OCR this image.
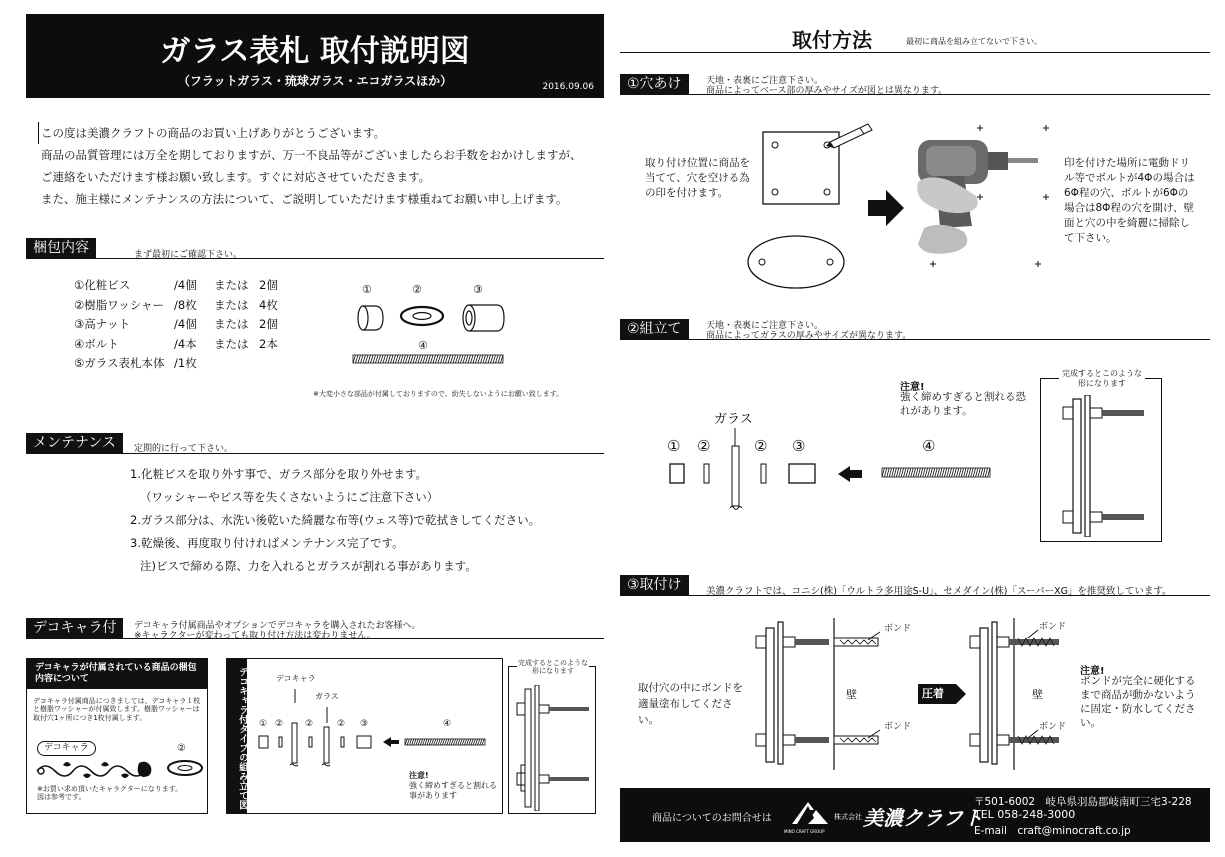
ガラス表札 取付説明図
（フラットガラス・琉球ガラス・エコガラスほか）	2016.09.06
この度は美濃クラフトの商品のお買い上げありがとうございます。
商品の品質管理には万全を期しておりますが、万一不良品等がございましたらお手数をおかけしますが、
ご連絡をいただけます様お願い致します。すぐに対応させていただきます。
また、施主様にメンテナンスの方法について、ご説明していただけます様重ねてお願い申し上げます。
梱包内容	まず最初にご確認下さい。
①化粧ビス	/4個 または 2個
②樹脂ワッシャー /8枚 または 4枚
③高ナット	/4個 または 2個
④ボルト	/4本 または 2本
⑤ガラス表札本体 /1枚
①	②	③
④
※大変小さな部品が付属しておりますので、紛失しないようにお願い致します。
メンテナンス	定期的に行って下さい。
1.化粧ビスを取り外す事で、ガラス部分を取り外せます。
（ワッシャーやビス等を失くさないようにご注意下さい）
2.ガラス部分は、水洗い後乾いた綺麗な布等(ウェス等)で乾拭きしてください。
3.乾燥後、再度取り付ければメンテナンス完了です。
注)ビスで締める際、力を入れるとガラスが割れる事があります。
デコキャラ付	デコキャラ付属商品やオプションでデコキャラを購入されたお客様へ。
※キャラクターが変わっても取り付け方法は変わりません。
デコキャラが付属されている商品の梱包内容について
デコキャラ付属商品につきましては、デコキャラ１枚と樹脂ワッシャーが付属致します。樹脂ワッシャーは取付穴1ヶ所につき1枚付属します。
デコキャラ	②
※お買い求め頂いたキャラクターになります。図は参考です。	デコキャラ付タイプの組み立て図	デコキャラ
ガラス
① ② ②	② ③	④
注意!
強く締めすぎると割れる事があります
完成するとこのような形になります
取付方法	最初に商品を組み立てないで下さい。
①穴あけ	天地・表裏にご注意下さい。
商品によってベース部の厚みやサイズが図とは異なります。
取り付け位置に商品を当てて、穴を空ける為の印を付けます。
印を付けた場所に電動ドリル等でボルトが4Φの場合は6Φ程の穴、ボルトが6Φの場合は8Φ程の穴を開け、壁面と穴の中を綺麗に掃除して下さい。
②組立て	天地・表裏にご注意下さい。
商品によってガラスの厚みやサイズが異なります。
注意!
強く締めすぎると割れる恐れがあります。
ガラス
① ②	② ③	④
完成するとこのような形になります
③取付け	美濃クラフトでは、コニシ(株)「ウルトラ多用途S-U」、セメダイン(株)「スーパーXG」を推奨致しています。
取付穴の中にボンドを適量塗布してください。
ボンド
ボンド
ボンド
ボンド
壁	壁
圧着
注意!
ボンドが完全に硬化するまで商品が動かないように固定・防水してください。
商品についてのお問合せは
MINO CRAFT GROUP
株式会社 美濃クラフト
〒501-6002　岐阜県羽島郡岐南町三宅3-228
TEL 058-248-3000
E-mail　craft@minocraft.co.jp
